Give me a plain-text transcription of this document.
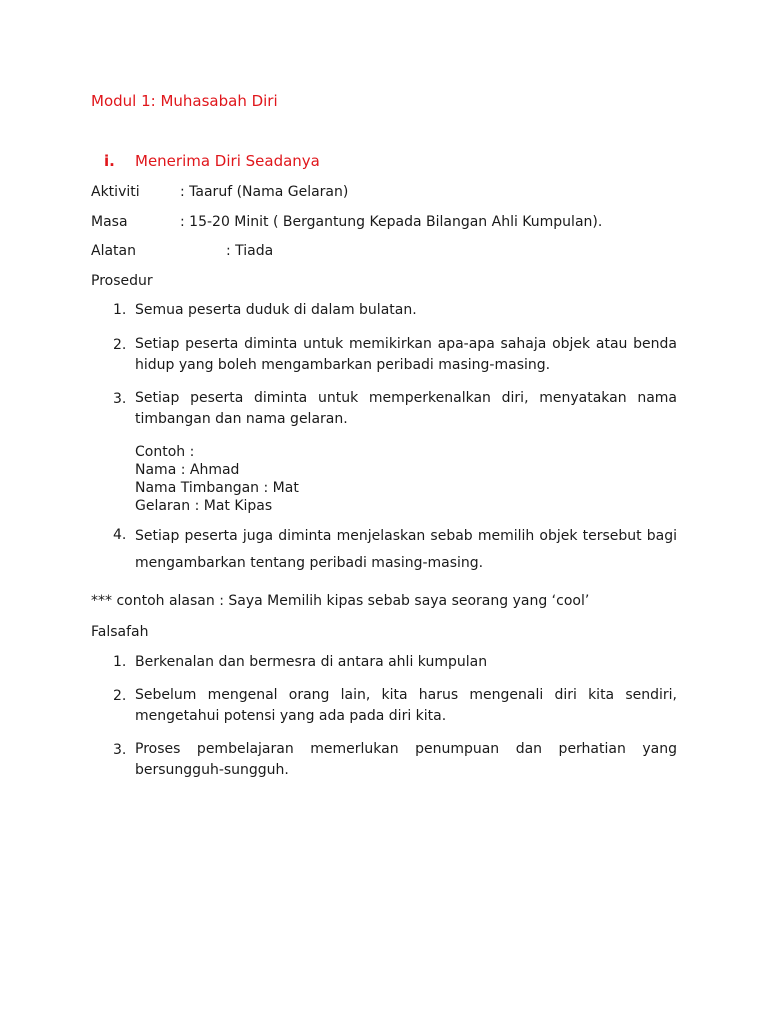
Modul 1: Muhasabah Diri
i. Menerima Diri Seadanya
Aktiviti	: Taaruf (Nama Gelaran)
Masa	: 15-20 Minit ( Bergantung Kepada Bilangan Ahli Kumpulan).
Alatan	: Tiada
Prosedur
1. Semua peserta duduk di dalam bulatan.
2. Setiap peserta diminta untuk memikirkan apa-apa sahaja objek atau benda hidup yang boleh mengambarkan peribadi masing-masing.
3. Setiap peserta diminta untuk memperkenalkan diri, menyatakan nama timbangan dan nama gelaran.
Contoh :
Nama : Ahmad
Nama Timbangan : Mat
Gelaran : Mat Kipas
4. Setiap peserta juga diminta menjelaskan sebab memilih objek tersebut bagi mengambarkan tentang peribadi masing-masing.
*** contoh alasan : Saya Memilih kipas sebab saya seorang yang ‘cool’
Falsafah
1. Berkenalan dan bermesra di antara ahli kumpulan
2. Sebelum mengenal orang lain, kita harus mengenali diri kita sendiri, mengetahui potensi yang ada pada diri kita.
3. Proses pembelajaran memerlukan penumpuan dan perhatian yang bersungguh-sungguh.
